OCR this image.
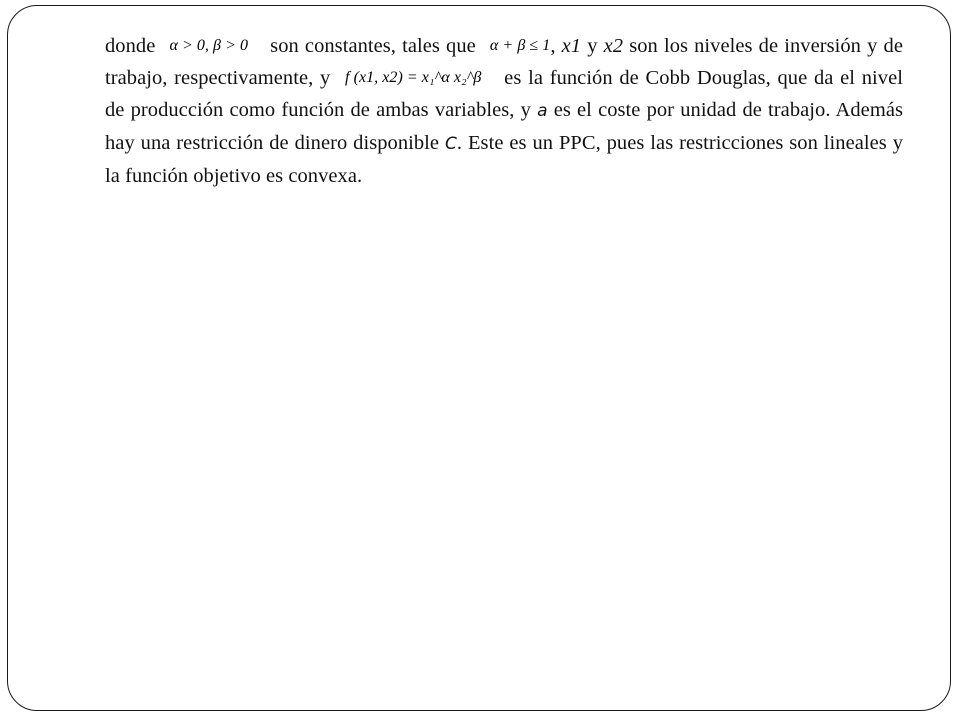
donde α > 0, β > 0 son constantes, tales que α + β ≤ 1, x1 y x2 son los niveles de inversión y de trabajo, respectivamente, y f (x1, x2) = x₁^α x₂^β es la función de Cobb Douglas, que da el nivel de producción como función de ambas variables, y a es el coste por unidad de trabajo. Además hay una restricción de dinero disponible C. Este es un PPC, pues las restricciones son lineales y la función objetivo es convexa.
